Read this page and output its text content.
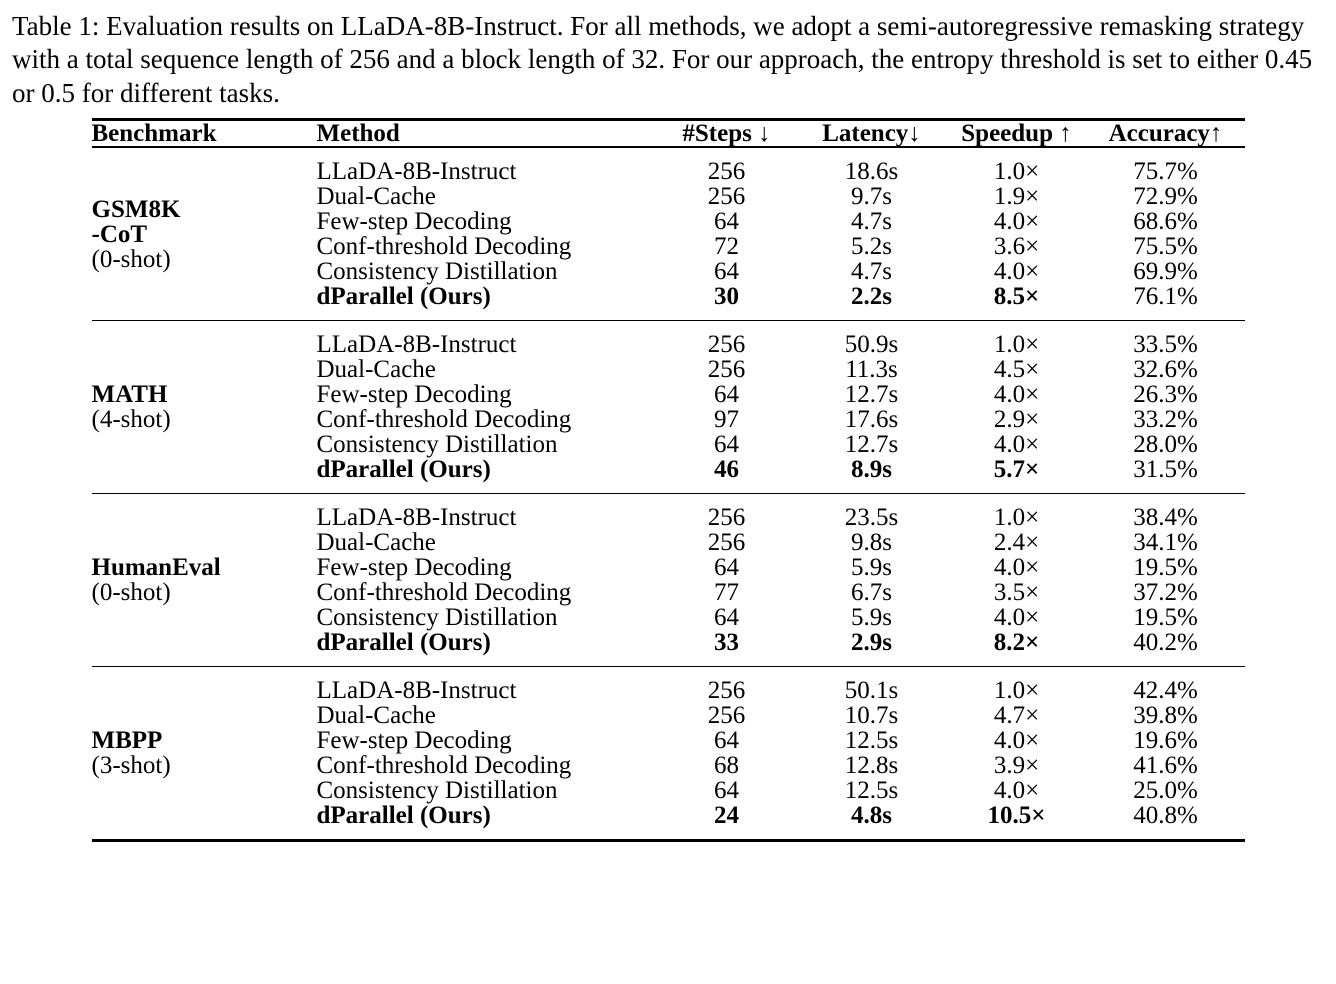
Table 1: Evaluation results on LLaDA-8B-Instruct. For all methods, we adopt a semi-autoregressive remasking strategy with a total sequence length of 256 and a block length of 32. For our approach, the entropy threshold is set to either 0.45 or 0.5 for different tasks.

Benchmark	Method	#Steps ↓	Latency↓	Speedup ↑	Accuracy↑

GSM8K
-CoT
(0-shot)	LLaDA-8B-Instruct	256	18.6s	1.0×	75.7%
	Dual-Cache	256	9.7s	1.9×	72.9%
	Few-step Decoding	64	4.7s	4.0×	68.6%
	Conf-threshold Decoding	72	5.2s	3.6×	75.5%
	Consistency Distillation	64	4.7s	4.0×	69.9%
	dParallel (Ours)	30	2.2s	8.5×	76.1%

MATH
(4-shot)	LLaDA-8B-Instruct	256	50.9s	1.0×	33.5%
	Dual-Cache	256	11.3s	4.5×	32.6%
	Few-step Decoding	64	12.7s	4.0×	26.3%
	Conf-threshold Decoding	97	17.6s	2.9×	33.2%
	Consistency Distillation	64	12.7s	4.0×	28.0%
	dParallel (Ours)	46	8.9s	5.7×	31.5%

HumanEval
(0-shot)	LLaDA-8B-Instruct	256	23.5s	1.0×	38.4%
	Dual-Cache	256	9.8s	2.4×	34.1%
	Few-step Decoding	64	5.9s	4.0×	19.5%
	Conf-threshold Decoding	77	6.7s	3.5×	37.2%
	Consistency Distillation	64	5.9s	4.0×	19.5%
	dParallel (Ours)	33	2.9s	8.2×	40.2%

MBPP
(3-shot)	LLaDA-8B-Instruct	256	50.1s	1.0×	42.4%
	Dual-Cache	256	10.7s	4.7×	39.8%
	Few-step Decoding	64	12.5s	4.0×	19.6%
	Conf-threshold Decoding	68	12.8s	3.9×	41.6%
	Consistency Distillation	64	12.5s	4.0×	25.0%
	dParallel (Ours)	24	4.8s	10.5×	40.8%
